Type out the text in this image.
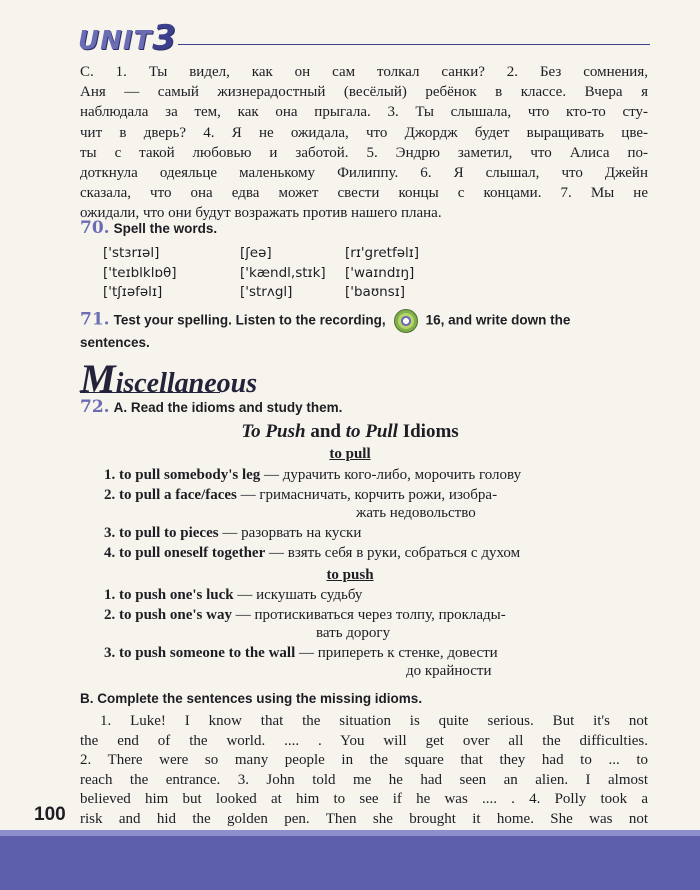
UNIT3
C. 1. Ты видел, как он сам толкал санки? 2. Без сомнения,
Аня — самый жизнерадостный (весёлый) ребёнок в классе. Вчера я
наблюдала за тем, как она прыгала. 3. Ты слышала, что кто-то сту-
чит в дверь? 4. Я не ожидала, что Джордж будет выращивать цве-
ты с такой любовью и заботой. 5. Эндрю заметил, что Алиса по-
доткнула одеяльце маленькому Филиппу. 6. Я слышал, что Джейн
сказала, что она едва может свести концы с концами. 7. Мы не
ожидали, что они будут возражать против нашего плана.
70. Spell the words.
['stɜrɪəl]
['teɪblklɒθ]
['tʃɪəfəlɪ]
[ʃeə]
['kændl,stɪk]
['strʌgl]
[rɪ'gretfəlɪ]
['waɪndɪŋ]
['baʊnsɪ]
71. Test your spelling. Listen to the recording,	16, and write down the
sentences.
Miscellaneous
72. A. Read the idioms and study them.
To Push and to Pull Idioms
to pull
1. to pull somebody's leg — дурачить кого-либо, морочить голову
2. to pull a face/faces — гримасничать, корчить рожи, изобра-
жать недовольство
3. to pull to pieces — разорвать на куски
4. to pull oneself together — взять себя в руки, собраться с духом
to push
1. to push one's luck — искушать судьбу
2. to push one's way — протискиваться через толпу, проклады-
вать дорогу
3. to push someone to the wall — припереть к стенке, довести
до крайности
B. Complete the sentences using the missing idioms.
1. Luke! I know that the situation is quite serious. But it's not
the end of the world. .... . You will get over all the difficulties.
2. There were so many people in the square that they had to ... to
reach the entrance. 3. John told me he had seen an alien. I almost
believed him but looked at him to see if he was .... . 4. Polly took a
risk and hid the golden pen. Then she brought it home. She was not
100
